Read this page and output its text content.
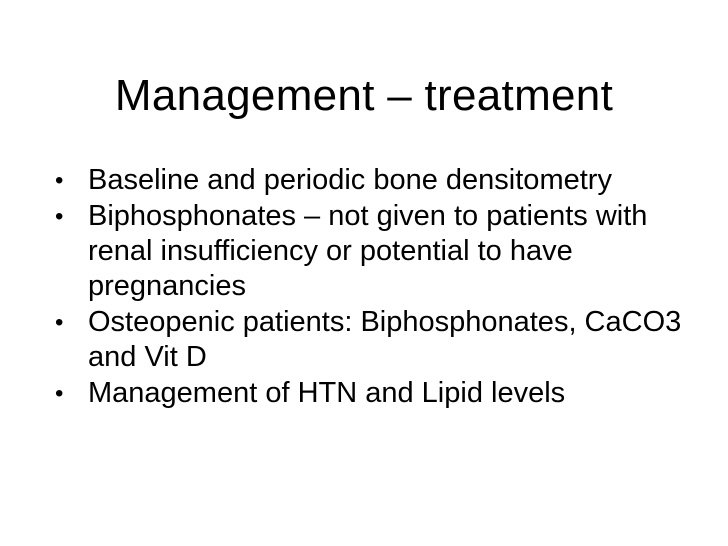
Management – treatment
• Baseline and periodic bone densitometry
• Biphosphonates – not given to patients with renal insufficiency or potential to have pregnancies
• Osteopenic patients: Biphosphonates, CaCO3 and Vit D
• Management of HTN and Lipid levels
